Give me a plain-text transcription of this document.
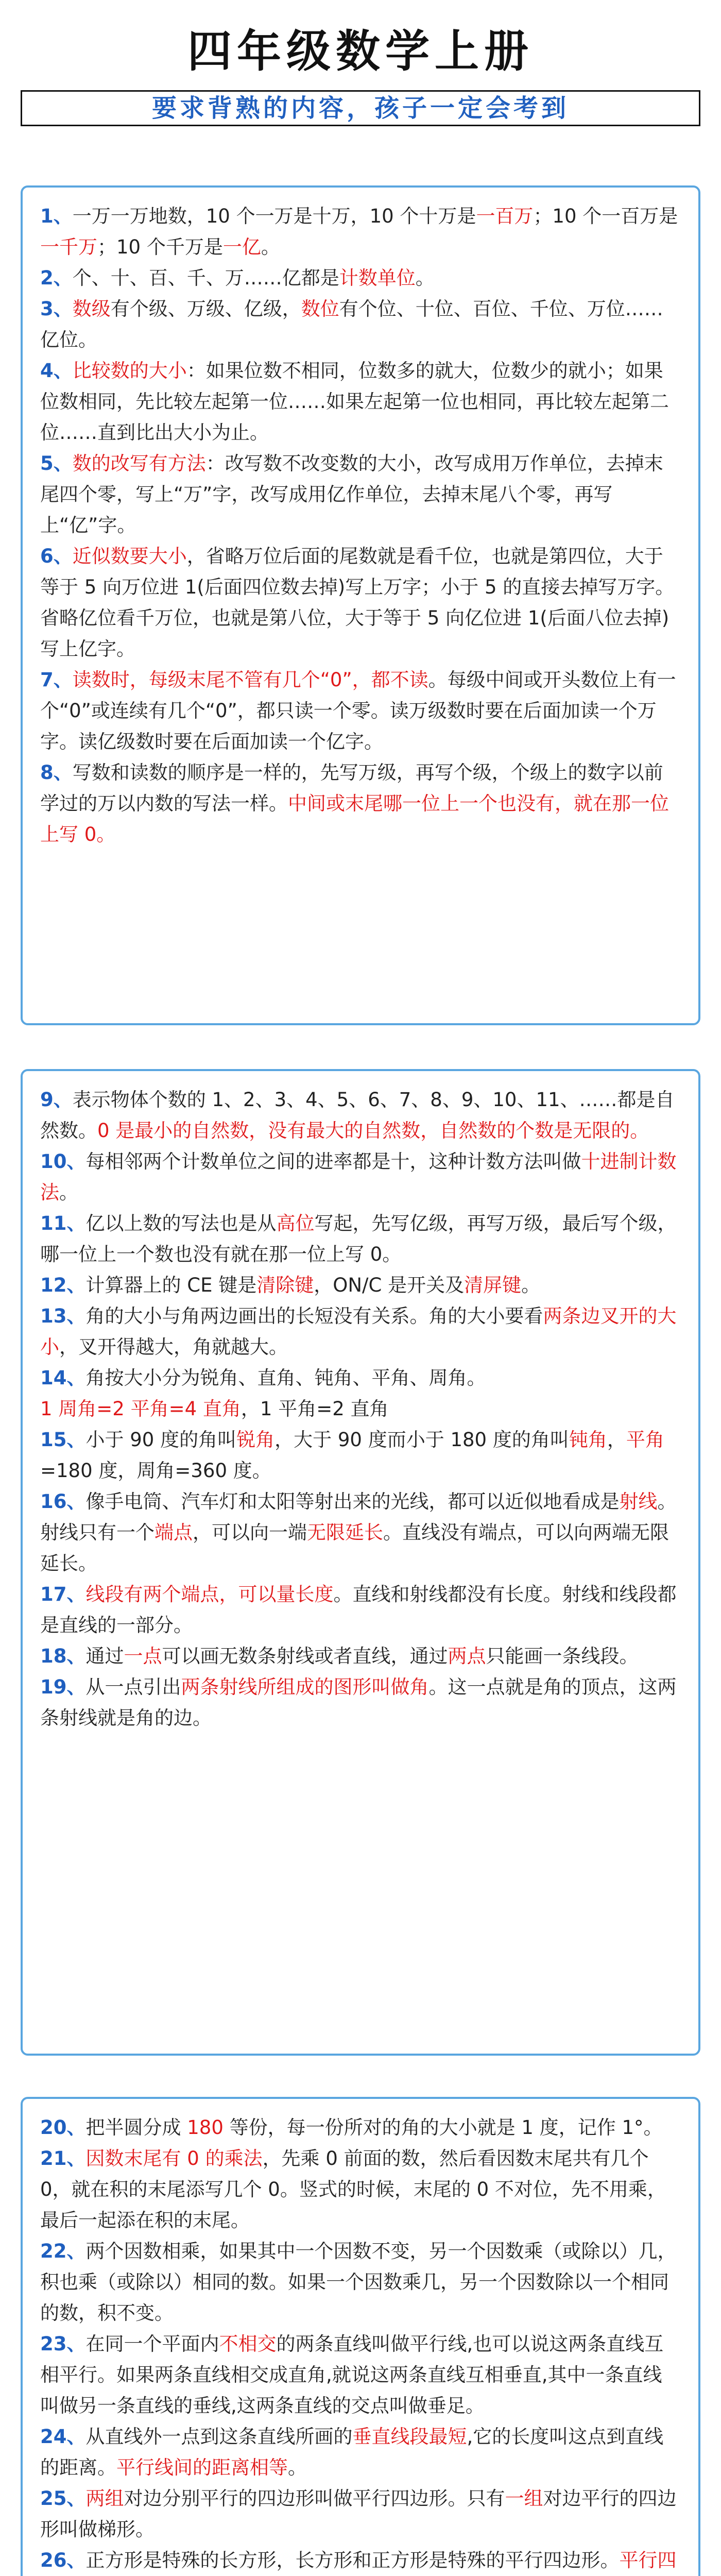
四年级数学上册
要求背熟的内容，孩子一定会考到

1、一万一万地数，10 个一万是十万，10 个十万是一百万；10 个一百万是一千万；10 个千万是一亿。

2、个、十、百、千、万……亿都是计数单位。

3、数级有个级、万级、亿级，数位有个位、十位、百位、千位、万位……亿位。

4、比较数的大小：如果位数不相同，位数多的就大，位数少的就小；如果位数相同，先比较左起第一位……如果左起第一位也相同，再比较左起第二位……直到比出大小为止。

5、数的改写有方法：改写数不改变数的大小，改写成用万作单位，去掉末尾四个零，写上“万”字，改写成用亿作单位，去掉末尾八个零，再写上“亿”字。

6、近似数要大小，省略万位后面的尾数就是看千位，也就是第四位，大于等于 5 向万位进 1(后面四位数去掉)写上万字；小于 5 的直接去掉写万字。省略亿位看千万位，也就是第八位，大于等于 5 向亿位进 1(后面八位去掉)写上亿字。

7、读数时，每级末尾不管有几个“0”，都不读。每级中间或开头数位上有一个“0”或连续有几个“0”，都只读一个零。读万级数时要在后面加读一个万字。读亿级数时要在后面加读一个亿字。

8、写数和读数的顺序是一样的，先写万级，再写个级，个级上的数字以前学过的万以内数的写法一样。中间或末尾哪一位上一个也没有，就在那一位上写 0。

9、表示物体个数的 1、2、3、4、5、6、7、8、9、10、11、……都是自然数。0 是最小的自然数，没有最大的自然数，自然数的个数是无限的。

10、每相邻两个计数单位之间的进率都是十，这种计数方法叫做十进制计数法。

11、亿以上数的写法也是从高位写起，先写亿级，再写万级，最后写个级，哪一位上一个数也没有就在那一位上写 0。

12、计算器上的 CE 键是清除键，ON/C 是开关及清屏键。

13、角的大小与角两边画出的长短没有关系。角的大小要看两条边叉开的大小，叉开得越大，角就越大。

14、角按大小分为锐角、直角、钝角、平角、周角。

1 周角=2 平角=4 直角，1 平角=2 直角

15、小于 90 度的角叫锐角，大于 90 度而小于 180 度的角叫钝角，平角=180 度，周角=360 度。

16、像手电筒、汽车灯和太阳等射出来的光线，都可以近似地看成是射线。射线只有一个端点，可以向一端无限延长。直线没有端点，可以向两端无限延长。

17、线段有两个端点，可以量长度。直线和射线都没有长度。射线和线段都是直线的一部分。

18、通过一点可以画无数条射线或者直线，通过两点只能画一条线段。

19、从一点引出两条射线所组成的图形叫做角。这一点就是角的顶点，这两条射线就是角的边。

20、把半圆分成 180 等份，每一份所对的角的大小就是 1 度，记作 1°。

21、因数末尾有 0 的乘法，先乘 0 前面的数，然后看因数末尾共有几个 0，就在积的末尾添写几个 0。竖式的时候，末尾的 0 不对位，先不用乘，最后一起添在积的末尾。

22、两个因数相乘，如果其中一个因数不变，另一个因数乘（或除以）几，积也乘（或除以）相同的数。如果一个因数乘几，另一个因数除以一个相同的数，积不变。

23、在同一个平面内不相交的两条直线叫做平行线,也可以说这两条直线互相平行。如果两条直线相交成直角,就说这两条直线互相垂直,其中一条直线叫做另一条直线的垂线,这两条直线的交点叫做垂足。

24、从直线外一点到这条直线所画的垂直线段最短,它的长度叫这点到直线的距离。平行线间的距离相等。

25、两组对边分别平行的四边形叫做平行四边形。只有一组对边平行的四边形叫做梯形。

26、正方形是特殊的长方形，长方形和正方形是特殊的平行四边形。平行四
